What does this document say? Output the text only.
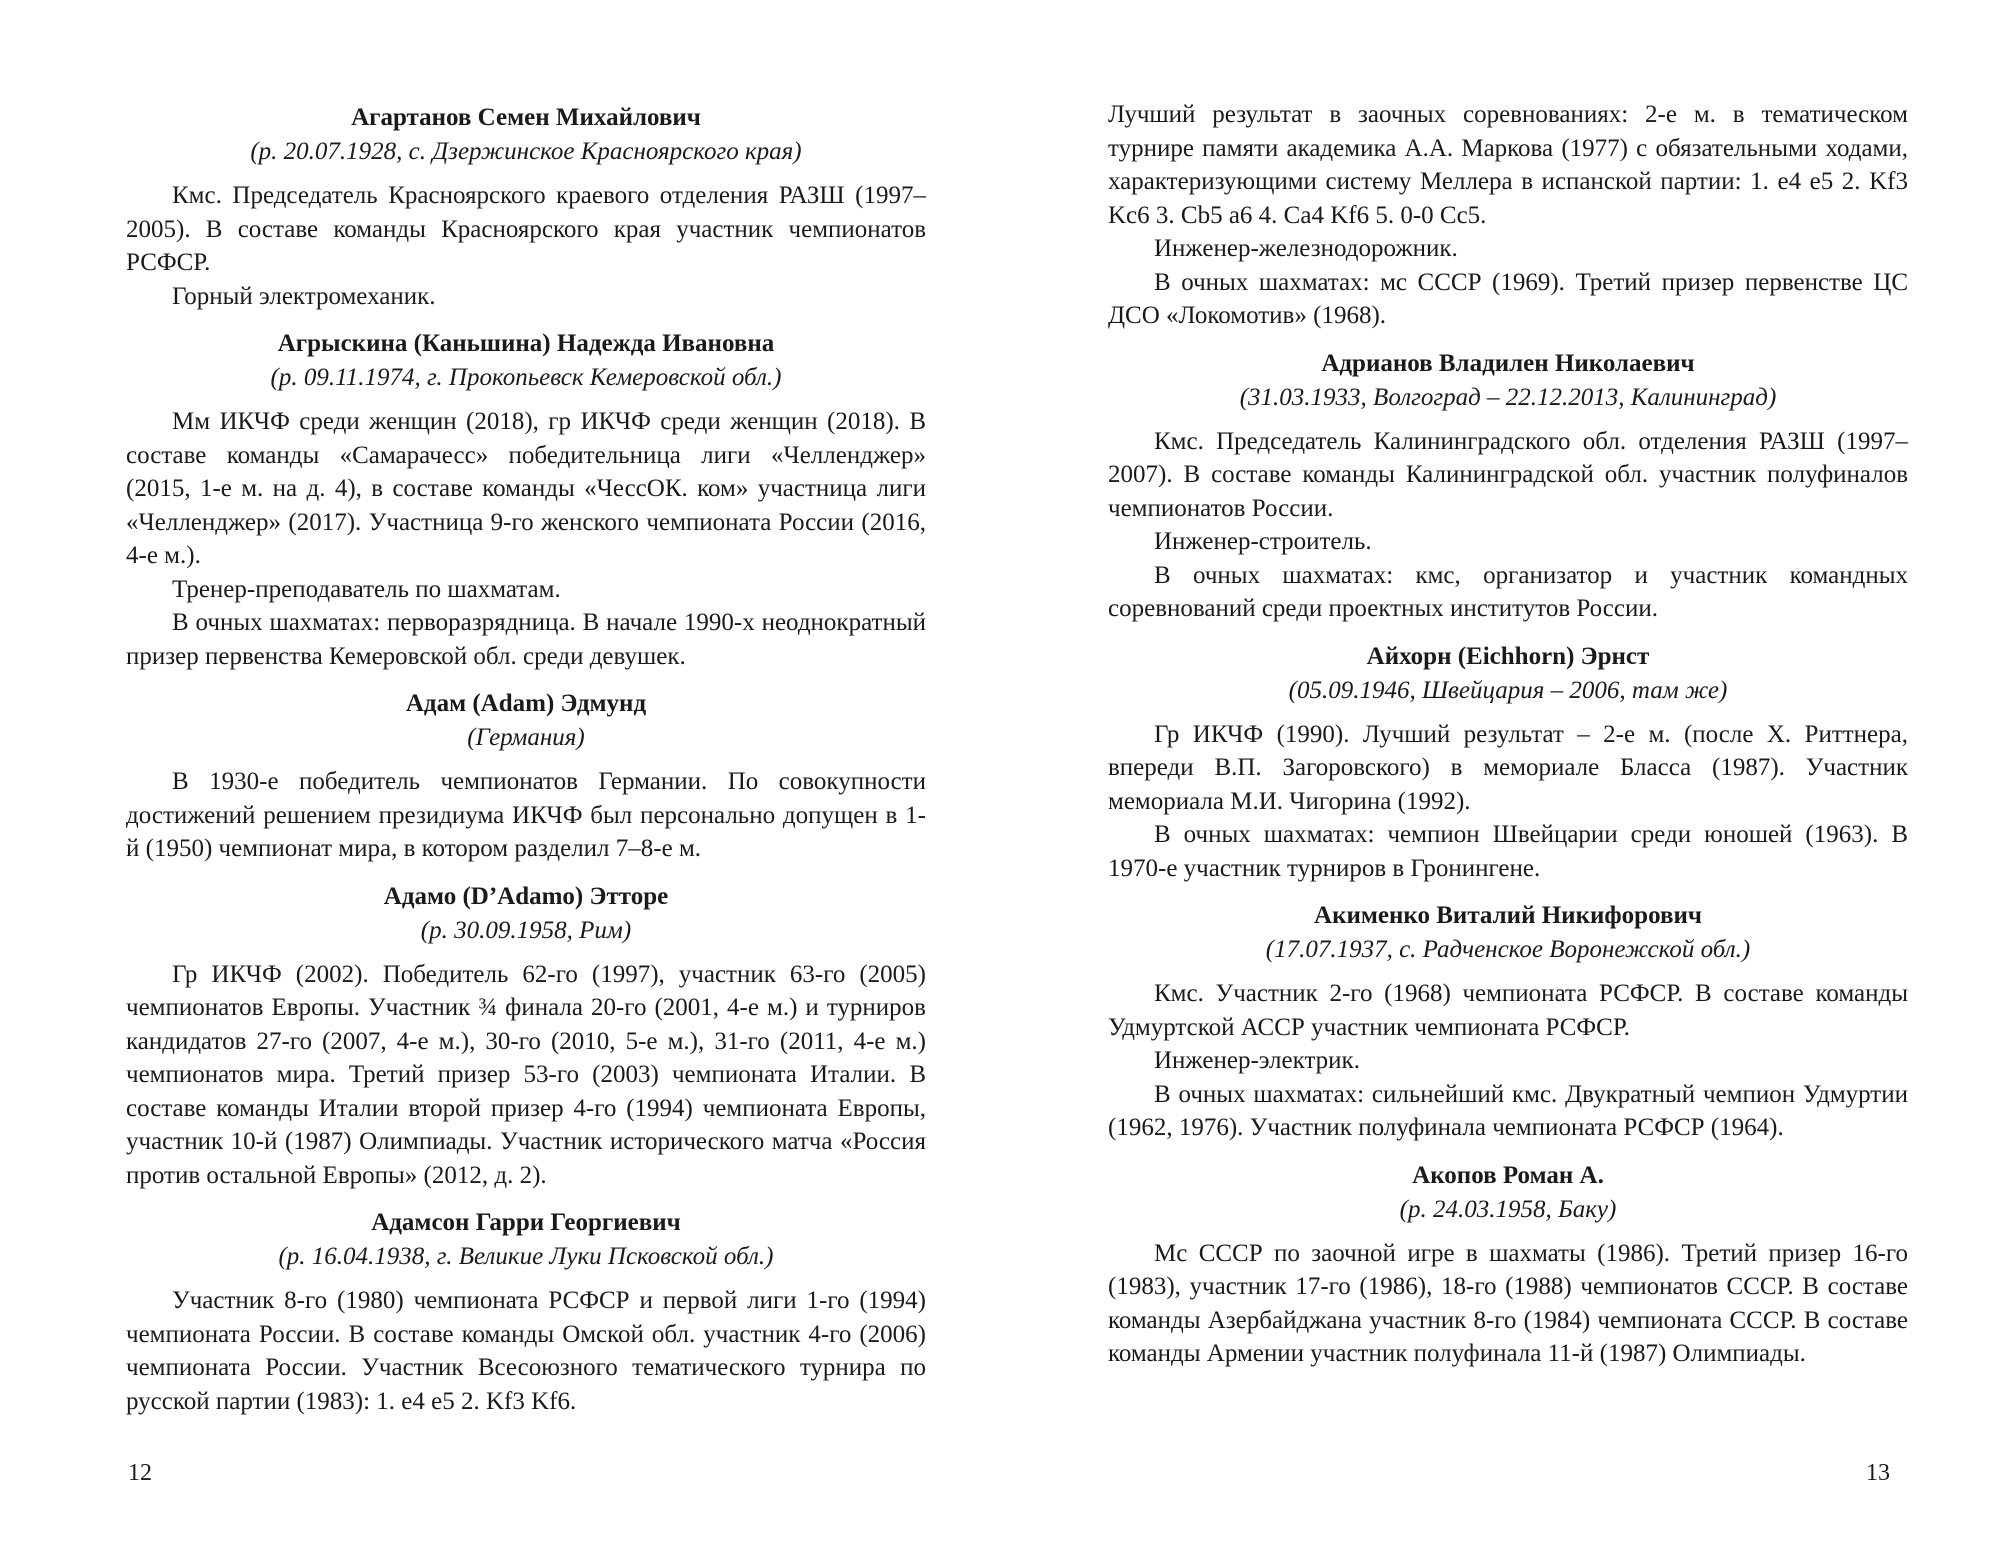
Агартанов Семен Михайлович
(р. 20.07.1928, с. Дзержинское Красноярского края)

Кмс. Председатель Красноярского краевого отделения РАЗШ (1997–2005). В составе команды Красноярского края участник чемпионатов РСФСР.

Горный электромеханик.

Агрыскина (Каньшина) Надежда Ивановна
(р. 09.11.1974, г. Прокопьевск Кемеровской обл.)

Мм ИКЧФ среди женщин (2018), гр ИКЧФ среди женщин (2018). В составе команды «Самарачесс» победительница лиги «Челленджер» (2015, 1-е м. на д. 4), в составе команды «ЧессОК. ком» участница лиги «Челленджер» (2017). Участница 9-го женского чемпионата России (2016, 4-е м.).

Тренер-преподаватель по шахматам.

В очных шахматах: перворазрядница. В начале 1990-х неоднократный призер первенства Кемеровской обл. среди девушек.

Адам (Adam) Эдмунд
(Германия)

В 1930-е победитель чемпионатов Германии. По совокупности достижений решением президиума ИКЧФ был персонально допущен в 1-й (1950) чемпионат мира, в котором разделил 7–8-е м.

Адамо (D’Adamo) Этторе
(р. 30.09.1958, Рим)

Гр ИКЧФ (2002). Победитель 62-го (1997), участник 63-го (2005) чемпионатов Европы. Участник ¾ финала 20-го (2001, 4-е м.) и турниров кандидатов 27-го (2007, 4-е м.), 30-го (2010, 5-е м.), 31-го (2011, 4-е м.) чемпионатов мира. Третий призер 53-го (2003) чемпионата Италии. В составе команды Италии второй призер 4-го (1994) чемпионата Европы, участник 10-й (1987) Олимпиады. Участник исторического матча «Россия против остальной Европы» (2012, д. 2).

Адамсон Гарри Георгиевич
(р. 16.04.1938, г. Великие Луки Псковской обл.)

Участник 8-го (1980) чемпионата РСФСР и первой лиги 1-го (1994) чемпионата России. В составе команды Омской обл. участник 4-го (2006) чемпионата России. Участник Всесоюзного тематического турнира по русской партии (1983): 1. e4 e5 2. Kf3 Kf6.

12

Лучший результат в заочных соревнованиях: 2-е м. в тематическом турнире памяти академика А.А. Маркова (1977) с обязательными ходами, характеризующими систему Меллера в испанской партии: 1. e4 e5 2. Kf3 Kc6 3. Cb5 a6 4. Ca4 Kf6 5. 0-0 Cc5.

Инженер-железнодорожник.

В очных шахматах: мс СССР (1969). Третий призер первенстве ЦС ДСО «Локомотив» (1968).

Адрианов Владилен Николаевич
(31.03.1933, Волгоград – 22.12.2013, Калининград)

Кмс. Председатель Калининградского обл. отделения РАЗШ (1997–2007). В составе команды Калининградской обл. участник полуфиналов чемпионатов России.

Инженер-строитель.

В очных шахматах: кмс, организатор и участник командных соревнований среди проектных институтов России.

Айхорн (Eichhorn) Эрнст
(05.09.1946, Швейцария – 2006, там же)

Гр ИКЧФ (1990). Лучший результат – 2-е м. (после Х. Риттнера, впереди В.П. Загоровского) в мемориале Бласса (1987). Участник мемориала М.И. Чигорина (1992).

В очных шахматах: чемпион Швейцарии среди юношей (1963). В 1970-е участник турниров в Гронингене.

Акименко Виталий Никифорович
(17.07.1937, с. Радченское Воронежской обл.)

Кмс. Участник 2-го (1968) чемпионата РСФСР. В составе команды Удмуртской АССР участник чемпионата РСФСР.

Инженер-электрик.

В очных шахматах: сильнейший кмс. Двукратный чемпион Удмуртии (1962, 1976). Участник полуфинала чемпионата РСФСР (1964).

Акопов Роман А.
(р. 24.03.1958, Баку)

Мс СССР по заочной игре в шахматы (1986). Третий призер 16-го (1983), участник 17-го (1986), 18-го (1988) чемпионатов СССР. В составе команды Азербайджана участник 8-го (1984) чемпионата СССР. В составе команды Армении участник полуфинала 11-й (1987) Олимпиады.

13
